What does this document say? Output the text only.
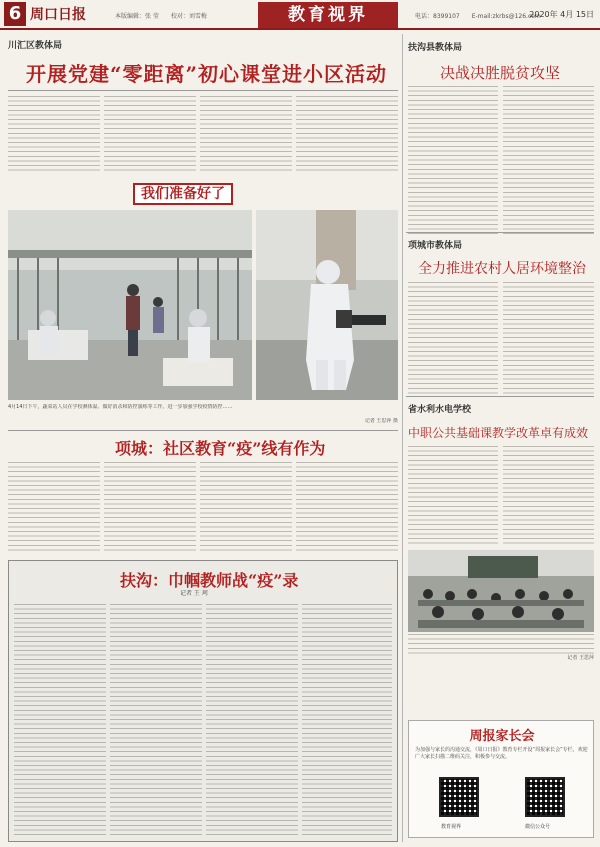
6 周口日报	本版编辑：张 莹　　校对：刘雪梅	教育视界	电话：8399107　　E-mail:zkrbs@126.com
2020年 4月 15日
川汇区教体局
开展党建“零距离”初心课堂进小区活动
我们准备好了
4月14日下午，蔬菜站人员在学校测体温、做好消杀和防控演练等工作。进一步加强学校疫情防控……
记者 王思萍 摄
项城：社区教育“疫”线有作为
扶沟：巾帼教师战“疫”录
记者 王 珂
扶沟县教体局
决战决胜脱贫攻坚
项城市教体局
全力推进农村人居环境整治
省水利水电学校
中职公共基础课教学改革卓有成效
记者 王思萍
周报家长会
为加强与家长的沟通交流，《周口日报》教育专栏开设“周报家长会”专栏，欢迎广大家长扫描二维码关注，积极参与交流。
教育视界	微信公众号
